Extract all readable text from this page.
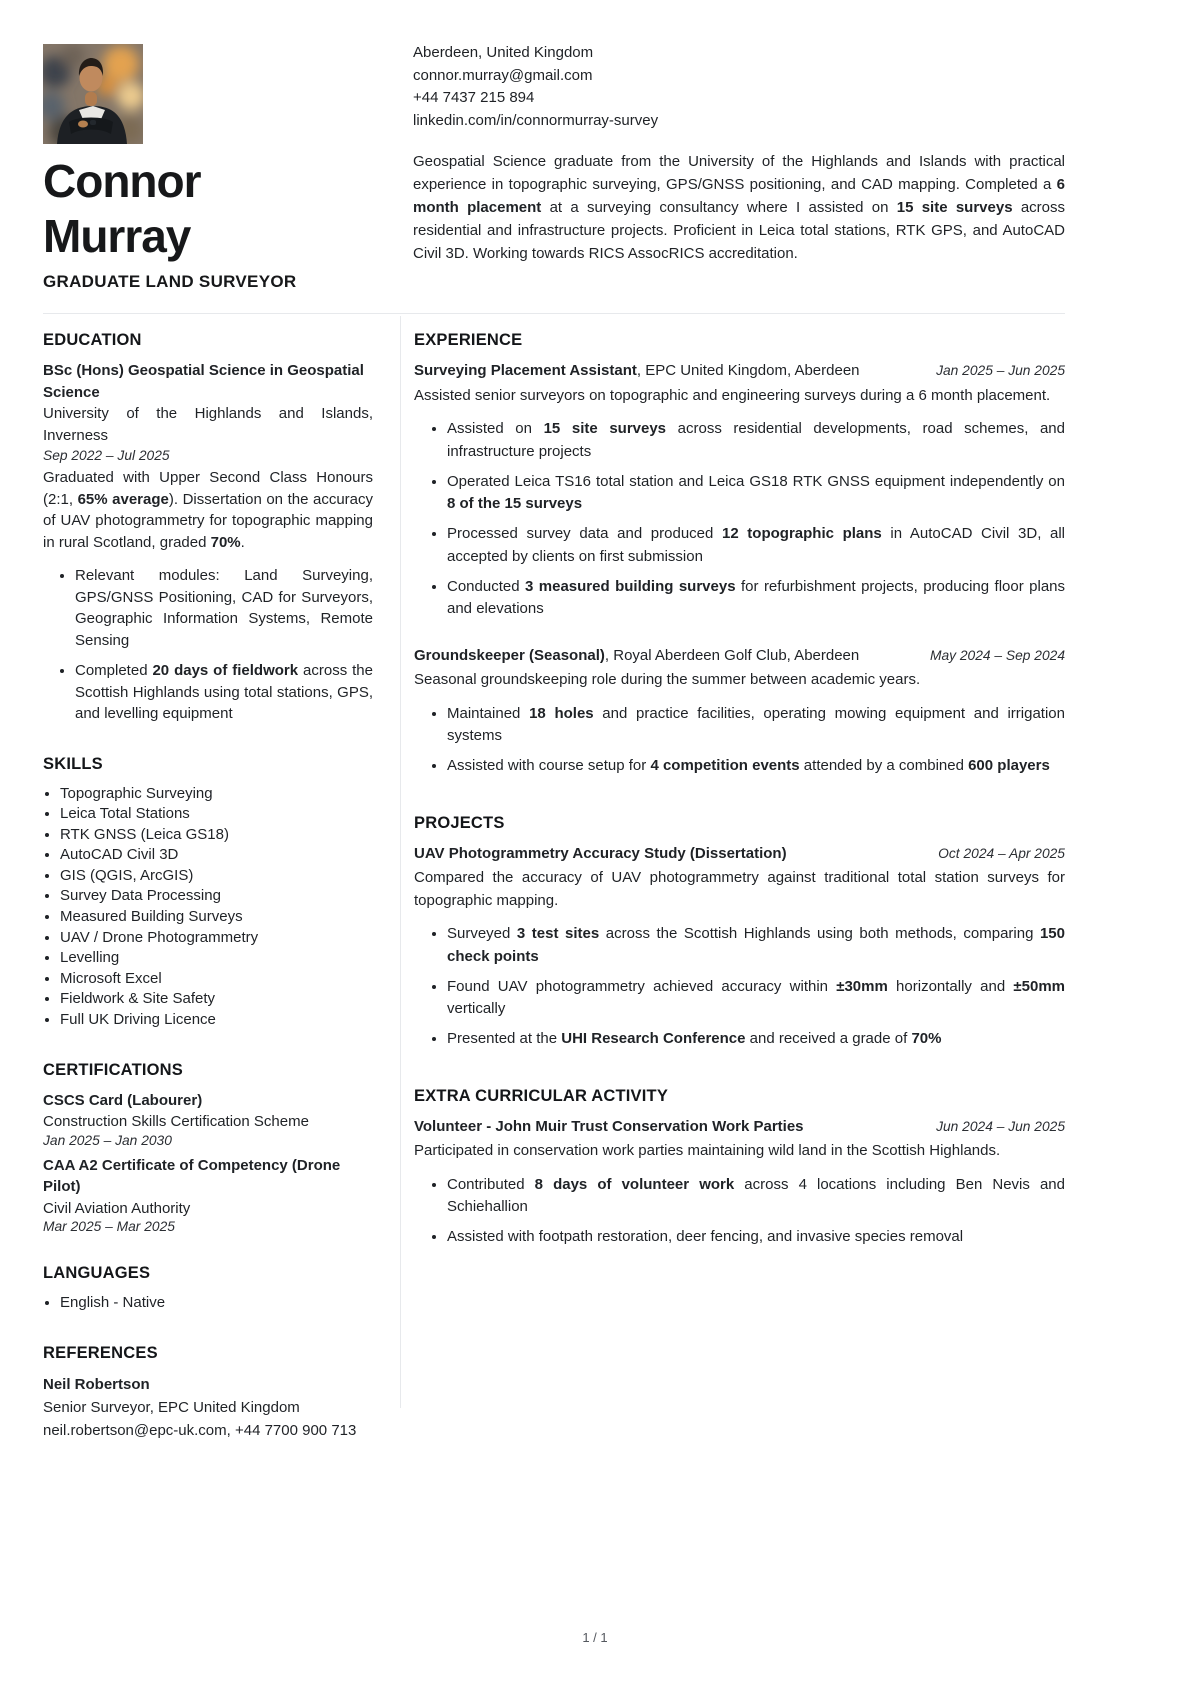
Connor
Murray
GRADUATE LAND SURVEYOR
Aberdeen, United Kingdom
connor.murray@gmail.com
+44 7437 215 894
linkedin.com/in/connormurray-survey

Geospatial Science graduate from the University of the Highlands and Islands with practical experience in topographic surveying, GPS/GNSS positioning, and CAD mapping. Completed a 6 month placement at a surveying consultancy where I assisted on 15 site surveys across residential and infrastructure projects. Proficient in Leica total stations, RTK GPS, and AutoCAD Civil 3D. Working towards RICS AssocRICS accreditation.

EDUCATION
BSc (Hons) Geospatial Science in Geospatial Science
University of the Highlands and Islands, Inverness
Sep 2022 – Jul 2025

Graduated with Upper Second Class Honours (2:1, 65% average). Dissertation on the accuracy of UAV photogrammetry for topographic mapping in rural Scotland, graded 70%.

• Relevant modules: Land Surveying, GPS/GNSS Positioning, CAD for Surveyors, Geographic Information Systems, Remote Sensing
• Completed 20 days of fieldwork across the Scottish Highlands using total stations, GPS, and levelling equipment
SKILLS
• Topographic Surveying
• Leica Total Stations
• RTK GNSS (Leica GS18)
• AutoCAD Civil 3D
• GIS (QGIS, ArcGIS)
• Survey Data Processing
• Measured Building Surveys
• UAV / Drone Photogrammetry
• Levelling
• Microsoft Excel
• Fieldwork & Site Safety
• Full UK Driving Licence
CERTIFICATIONS
CSCS Card (Labourer)
Construction Skills Certification Scheme
Jan 2025 – Jan 2030
CAA A2 Certificate of Competency (Drone Pilot)
Civil Aviation Authority
Mar 2025 – Mar 2025
LANGUAGES
• English - Native
REFERENCES
Neil Robertson
Senior Surveyor, EPC United Kingdom
neil.robertson@epc-uk.com, +44 7700 900 713
EXPERIENCE
Surveying Placement Assistant, EPC United Kingdom, Aberdeen	Jan 2025 – Jun 2025

Assisted senior surveyors on topographic and engineering surveys during a 6 month placement.

• Assisted on 15 site surveys across residential developments, road schemes, and infrastructure projects
• Operated Leica TS16 total station and Leica GS18 RTK GNSS equipment independently on 8 of the 15 surveys
• Processed survey data and produced 12 topographic plans in AutoCAD Civil 3D, all accepted by clients on first submission
• Conducted 3 measured building surveys for refurbishment projects, producing floor plans and elevations
Groundskeeper (Seasonal), Royal Aberdeen Golf Club, Aberdeen	May 2024 – Sep 2024

Seasonal groundskeeping role during the summer between academic years.

• Maintained 18 holes and practice facilities, operating mowing equipment and irrigation systems
• Assisted with course setup for 4 competition events attended by a combined 600 players
PROJECTS
UAV Photogrammetry Accuracy Study (Dissertation)	Oct 2024 – Apr 2025

Compared the accuracy of UAV photogrammetry against traditional total station surveys for topographic mapping.

• Surveyed 3 test sites across the Scottish Highlands using both methods, comparing 150 check points
• Found UAV photogrammetry achieved accuracy within ±30mm horizontally and ±50mm vertically
• Presented at the UHI Research Conference and received a grade of 70%
EXTRA CURRICULAR ACTIVITY
Volunteer - John Muir Trust Conservation Work Parties	Jun 2024 – Jun 2025

Participated in conservation work parties maintaining wild land in the Scottish Highlands.

• Contributed 8 days of volunteer work across 4 locations including Ben Nevis and Schiehallion
• Assisted with footpath restoration, deer fencing, and invasive species removal
1 / 1
